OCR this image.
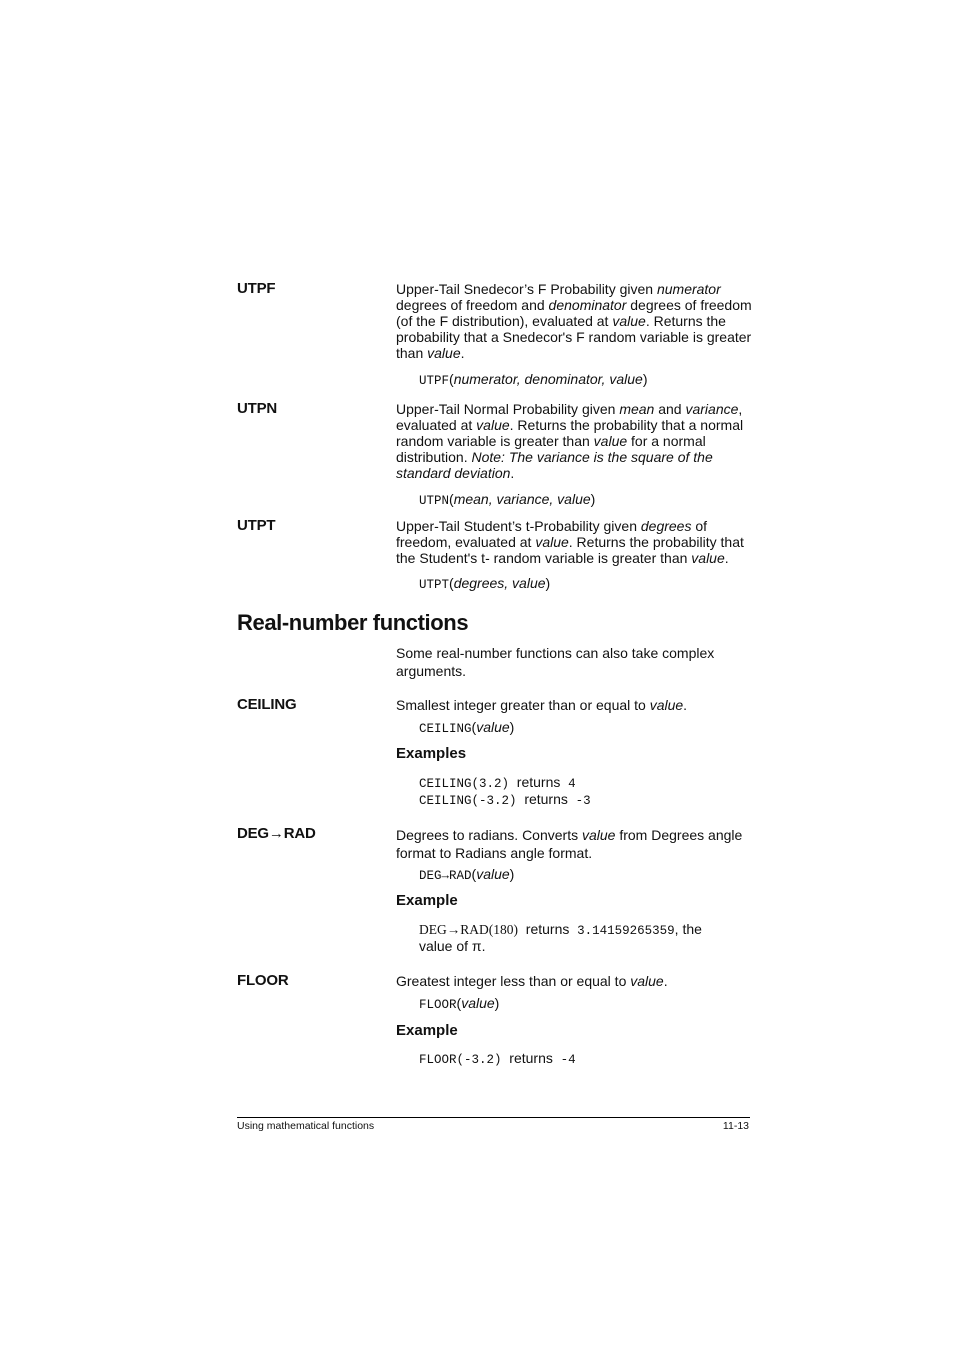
UTPF	Upper-Tail Snedecor’s F Probability given numerator degrees of freedom and denominator degrees of freedom (of the F distribution), evaluated at value. Returns the probability that a Snedecor's F random variable is greater than value.
UTPF(numerator, denominator, value)
UTPN	Upper-Tail Normal Probability given mean and variance, evaluated at value. Returns the probability that a normal random variable is greater than value for a normal distribution. Note: The variance is the square of the standard deviation.
UTPN(mean, variance, value)
UTPT	Upper-Tail Student’s t-Probability given degrees of freedom, evaluated at value. Returns the probability that the Student's t- random variable is greater than value.
UTPT(degrees, value)
Real-number functions
Some real-number functions can also take complex arguments.
CEILING	Smallest integer greater than or equal to value.
CEILING(value)
Examples
CEILING(3.2) returns 4
CEILING(-3.2) returns -3
DEG→RAD	Degrees to radians. Converts value from Degrees angle format to Radians angle format.
DEG→RAD(value)
Example
DEG→RAD(180) returns 3.14159265359, the
value of π.
FLOOR	Greatest integer less than or equal to value.
FLOOR(value)
Example
FLOOR(-3.2) returns -4
Using mathematical functions	11-13
